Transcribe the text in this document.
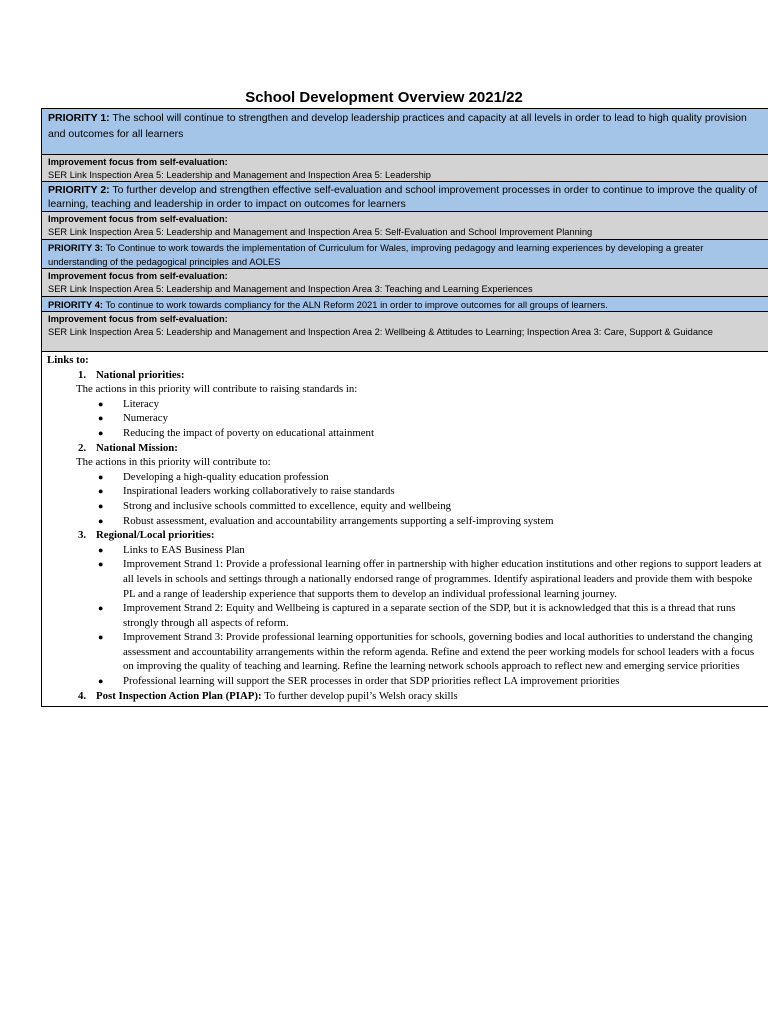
School Development Overview 2021/22
PRIORITY 1: The school will continue to strengthen and develop leadership practices and capacity at all levels in order to lead to high quality provision and outcomes for all learners
Improvement focus from self-evaluation:
SER Link Inspection Area 5: Leadership and Management and Inspection Area 5: Leadership
PRIORITY 2: To further develop and strengthen effective self-evaluation and school improvement processes in order to continue to improve the quality of learning, teaching and leadership in order to impact on outcomes for learners
Improvement focus from self-evaluation:
SER Link Inspection Area 5: Leadership and Management and Inspection Area 5: Self-Evaluation and School Improvement Planning
PRIORITY 3: To Continue to work towards the implementation of Curriculum for Wales, improving pedagogy and learning experiences by developing a greater understanding of the pedagogical principles and AOLES
Improvement focus from self-evaluation:
SER Link Inspection Area 5: Leadership and Management and Inspection Area 3: Teaching and Learning Experiences
PRIORITY 4: To continue to work towards compliancy for the ALN Reform 2021 in order to improve outcomes for all groups of learners.
Improvement focus from self-evaluation:
SER Link Inspection Area 5: Leadership and Management and Inspection Area 2: Wellbeing & Attitudes to Learning; Inspection Area 3: Care, Support & Guidance
Links to:
1. National priorities:
The actions in this priority will contribute to raising standards in:
● Literacy
● Numeracy
● Reducing the impact of poverty on educational attainment
2. National Mission:
The actions in this priority will contribute to:
● Developing a high-quality education profession
● Inspirational leaders working collaboratively to raise standards
● Strong and inclusive schools committed to excellence, equity and wellbeing
● Robust assessment, evaluation and accountability arrangements supporting a self-improving system
3. Regional/Local priorities:
● Links to EAS Business Plan
● Improvement Strand 1: Provide a professional learning offer in partnership with higher education institutions and other regions to support leaders at all levels in schools and settings through a nationally endorsed range of programmes. Identify aspirational leaders and provide them with bespoke PL and a range of leadership experience that supports them to develop an individual professional learning journey.
● Improvement Strand 2: Equity and Wellbeing is captured in a separate section of the SDP, but it is acknowledged that this is a thread that runs strongly through all aspects of reform.
● Improvement Strand 3: Provide professional learning opportunities for schools, governing bodies and local authorities to understand the changing assessment and accountability arrangements within the reform agenda. Refine and extend the peer working models for school leaders with a focus on improving the quality of teaching and learning. Refine the learning network schools approach to reflect new and emerging service priorities
● Professional learning will support the SER processes in order that SDP priorities reflect LA improvement priorities
4. Post Inspection Action Plan (PIAP): To further develop pupil’s Welsh oracy skills
